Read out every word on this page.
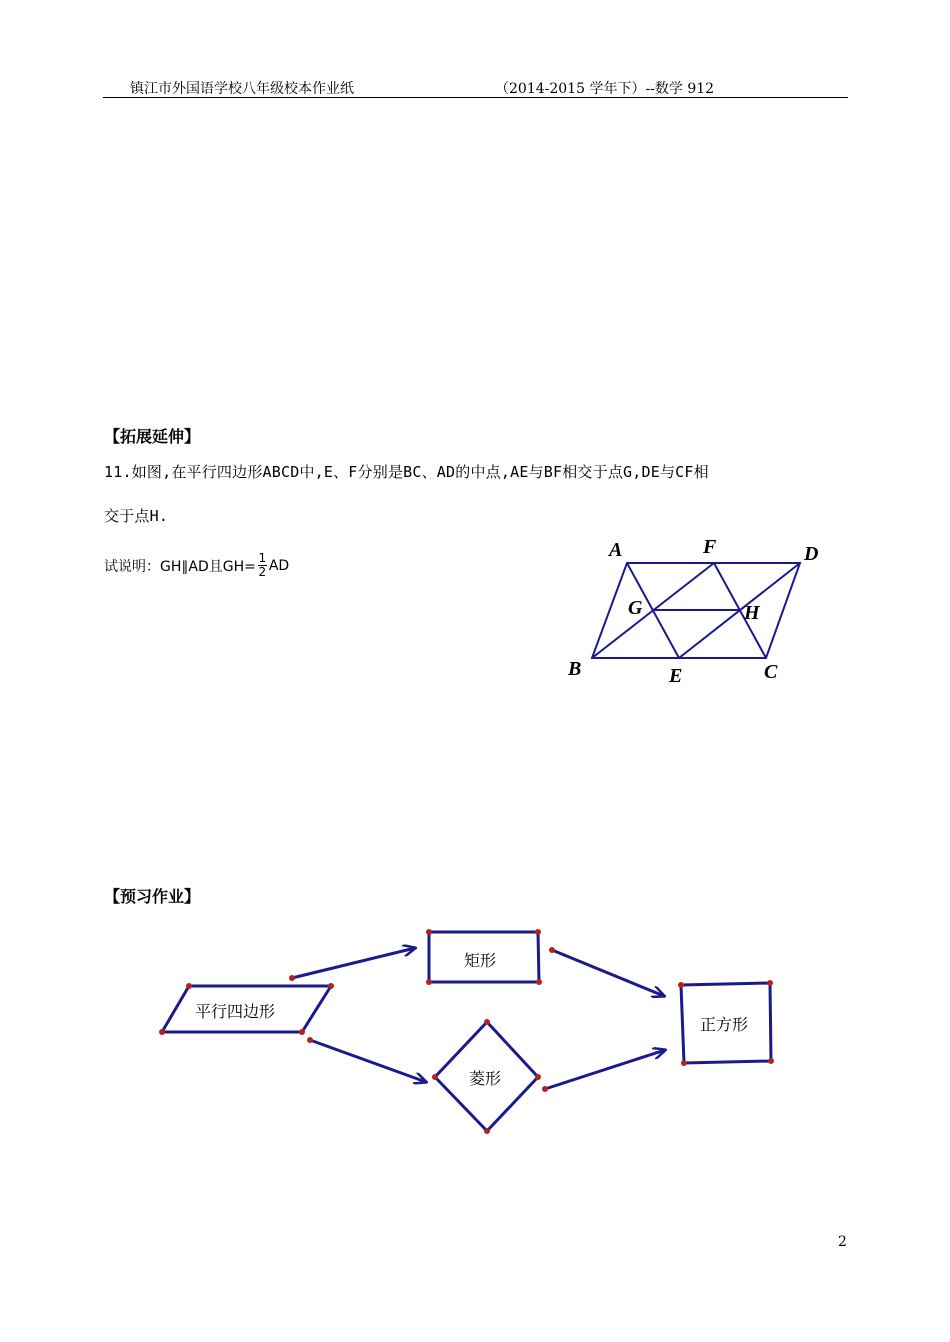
镇江市外国语学校八年级校本作业纸	（2014-2015 学年下）--数学 912
【拓展延伸】
11.如图,在平行四边形ABCD中,E、F分别是BC、AD的中点,AE与BF相交于点G,DE与CF相
交于点H.
试说明：GH∥AD且$GH= \frac{1}{2}$ AD
【预习作业】
A	F	D
G	H
B	E	C
平行四边形
矩形
菱形
正方形
2
